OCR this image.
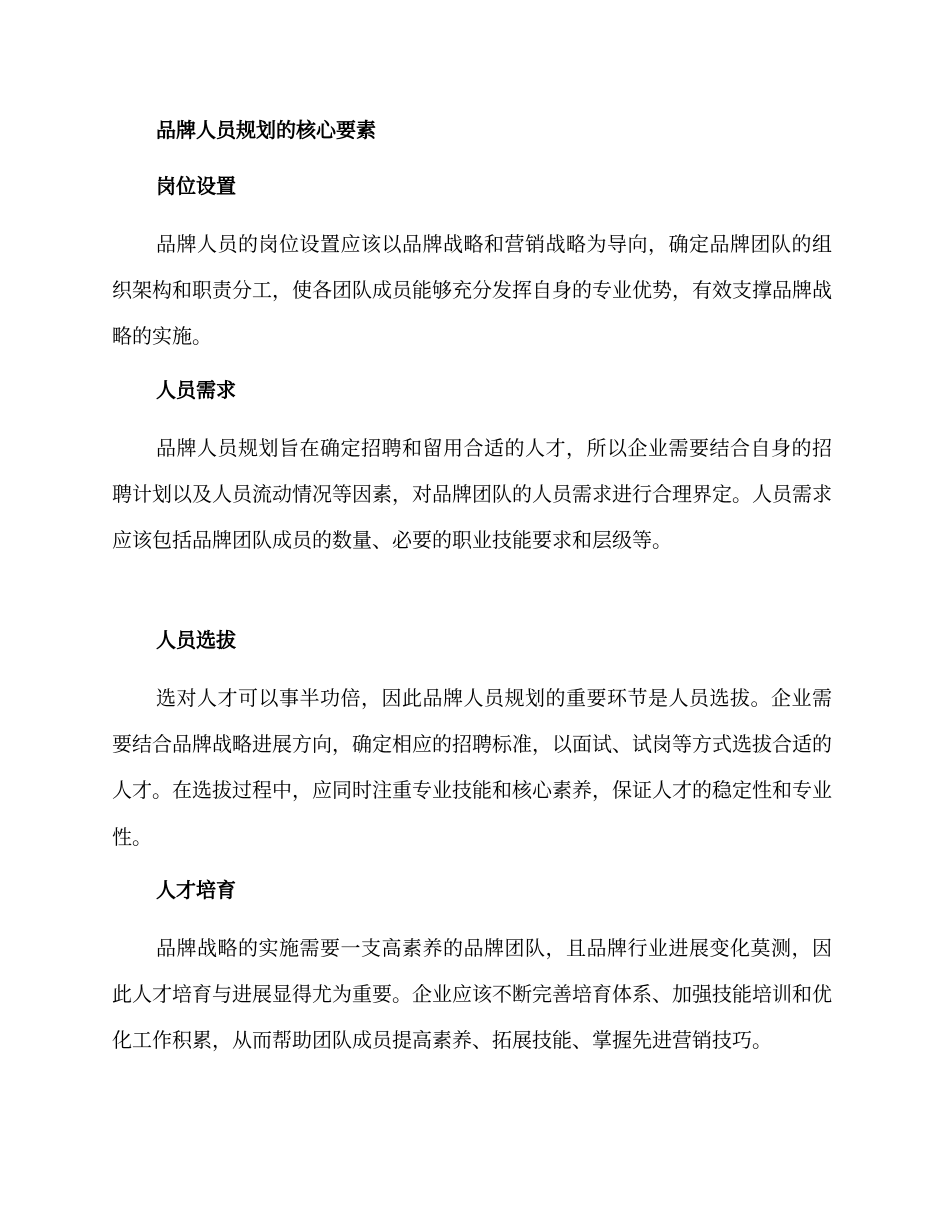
品牌人员规划的核心要素
岗位设置

品牌人员的岗位设置应该以品牌战略和营销战略为导向，确定品牌团队的组织架构和职责分工，使各团队成员能够充分发挥自身的专业优势，有效支撑品牌战略的实施。

人员需求

品牌人员规划旨在确定招聘和留用合适的人才，所以企业需要结合自身的招聘计划以及人员流动情况等因素，对品牌团队的人员需求进行合理界定。人员需求应该包括品牌团队成员的数量、必要的职业技能要求和层级等。

人员选拔

选对人才可以事半功倍，因此品牌人员规划的重要环节是人员选拔。企业需要结合品牌战略进展方向，确定相应的招聘标准，以面试、试岗等方式选拔合适的人才。在选拔过程中，应同时注重专业技能和核心素养，保证人才的稳定性和专业性。

人才培育

品牌战略的实施需要一支高素养的品牌团队，且品牌行业进展变化莫测，因此人才培育与进展显得尤为重要。企业应该不断完善培育体系、加强技能培训和优化工作积累，从而帮助团队成员提高素养、拓展技能、掌握先进营销技巧。
